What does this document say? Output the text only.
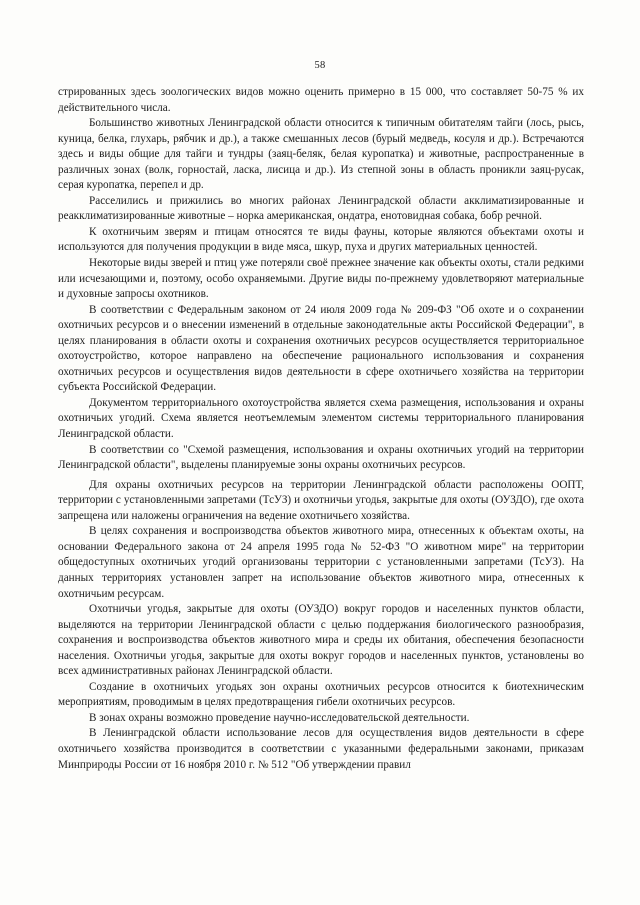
58

стрированных здесь зоологических видов можно оценить примерно в 15 000, что составляет 50-75 % их действительного числа.

Большинство животных Ленинградской области относится к типичным обитателям тайги (лось, рысь, куница, белка, глухарь, рябчик и др.), а также смешанных лесов (бурый медведь, косуля и др.). Встречаются здесь и виды общие для тайги и тундры (заяц-беляк, белая куропатка) и животные, распространенные в различных зонах (волк, горностай, ласка, лисица и др.). Из степной зоны в область проникли заяц-русак, серая куропатка, перепел и др.

Расселились и прижились во многих районах Ленинградской области акклиматизированные и реакклиматизированные животные – норка американская, ондатра, енотовидная собака, бобр речной.

К охотничьим зверям и птицам относятся те виды фауны, которые являются объектами охоты и используются для получения продукции в виде мяса, шкур, пуха и других материальных ценностей.

Некоторые виды зверей и птиц уже потеряли своё прежнее значение как объекты охоты, стали редкими или исчезающими и, поэтому, особо охраняемыми. Другие виды по-прежнему удовлетворяют материальные и духовные запросы охотников.

В соответствии с Федеральным законом от 24 июля 2009 года № 209-ФЗ "Об охоте и о сохранении охотничьих ресурсов и о внесении изменений в отдельные законодательные акты Российской Федерации", в целях планирования в области охоты и сохранения охотничьих ресурсов осуществляется территориальное охотоустройство, которое направлено на обеспечение рационального использования и сохранения охотничьих ресурсов и осуществления видов деятельности в сфере охотничьего хозяйства на территории субъекта Российской Федерации.

Документом территориального охотоустройства является схема размещения, использования и охраны охотничьих угодий. Схема является неотъемлемым элементом системы территориального планирования Ленинградской области.

В соответствии со "Схемой размещения, использования и охраны охотничьих угодий на территории Ленинградской области", выделены планируемые зоны охраны охотничьих ресурсов.

Для охраны охотничьих ресурсов на территории Ленинградской области расположены ООПТ, территории с установленными запретами (ТсУЗ) и охотничьи угодья, закрытые для охоты (ОУЗДО), где охота запрещена или наложены ограничения на ведение охотничьего хозяйства.

В целях сохранения и воспроизводства объектов животного мира, отнесенных к объектам охоты, на основании Федерального закона от 24 апреля 1995 года № 52-ФЗ "О животном мире" на территории общедоступных охотничьих угодий организованы территории с установленными запретами (ТсУЗ). На данных территориях установлен запрет на использование объектов животного мира, отнесенных к охотничьим ресурсам.

Охотничьи угодья, закрытые для охоты (ОУЗДО) вокруг городов и населенных пунктов области, выделяются на территории Ленинградской области с целью поддержания биологического разнообразия, сохранения и воспроизводства объектов животного мира и среды их обитания, обеспечения безопасности населения. Охотничьи угодья, закрытые для охоты вокруг городов и населенных пунктов, установлены во всех административных районах Ленинградской области.

Создание в охотничьих угодьях зон охраны охотничьих ресурсов относится к биотехническим мероприятиям, проводимым в целях предотвращения гибели охотничьих ресурсов.

В зонах охраны возможно проведение научно-исследовательской деятельности.

В Ленинградской области использование лесов для осуществления видов деятельности в сфере охотничьего хозяйства производится в соответствии с указанными федеральными законами, приказам Минприроды России от 16 ноября 2010 г. № 512 "Об утверждении правил
